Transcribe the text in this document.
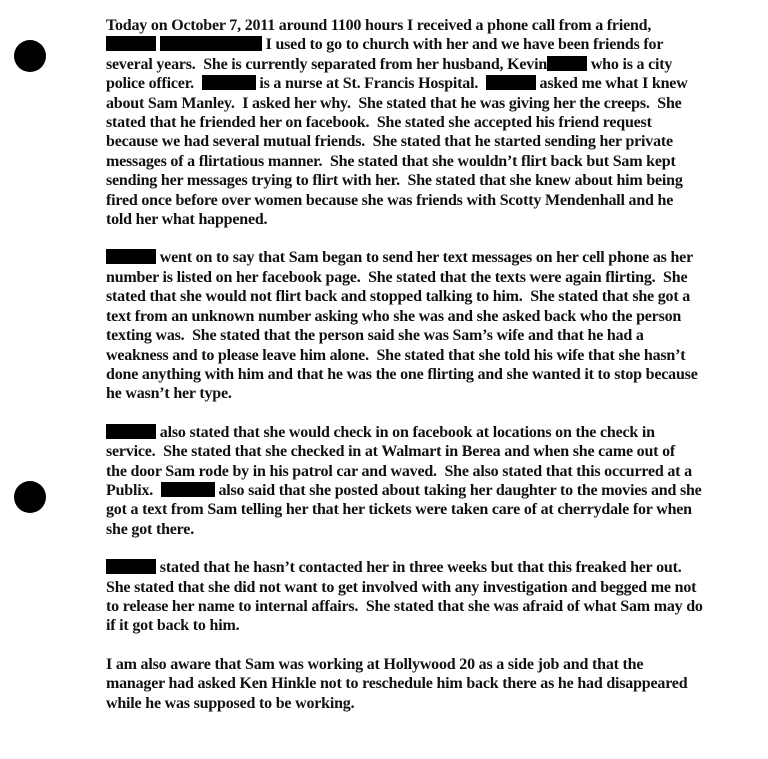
Today on October 7, 2011 around 1100 hours I received a phone call from a friend,
I used to go to church with her and we have been friends for
several years.  She is currently separated from her husband, Kevin	who is a city
police officer.	is a nurse at St. Francis Hospital.	asked me what I knew
about Sam Manley.  I asked her why.  She stated that he was giving her the creeps.  She
stated that he friended her on facebook.  She stated she accepted his friend request
because we had several mutual friends.  She stated that he started sending her private
messages of a flirtatious manner.  She stated that she wouldn’t flirt back but Sam kept
sending her messages trying to flirt with her.  She stated that she knew about him being
fired once before over women because she was friends with Scotty Mendenhall and he
told her what happened.

went on to say that Sam began to send her text messages on her cell phone as her
number is listed on her facebook page.  She stated that the texts were again flirting.  She
stated that she would not flirt back and stopped talking to him.  She stated that she got a
text from an unknown number asking who she was and she asked back who the person
texting was.  She stated that the person said she was Sam’s wife and that he had a
weakness and to please leave him alone.  She stated that she told his wife that she hasn’t
done anything with him and that he was the one flirting and she wanted it to stop because
he wasn’t her type.

also stated that she would check in on facebook at locations on the check in
service.  She stated that she checked in at Walmart in Berea and when she came out of
the door Sam rode by in his patrol car and waved.  She also stated that this occurred at a
Publix.	also said that she posted about taking her daughter to the movies and she
got a text from Sam telling her that her tickets were taken care of at cherrydale for when
she got there.

stated that he hasn’t contacted her in three weeks but that this freaked her out.
She stated that she did not want to get involved with any investigation and begged me not
to release her name to internal affairs.  She stated that she was afraid of what Sam may do
if it got back to him.

I am also aware that Sam was working at Hollywood 20 as a side job and that the
manager had asked Ken Hinkle not to reschedule him back there as he had disappeared
while he was supposed to be working.
